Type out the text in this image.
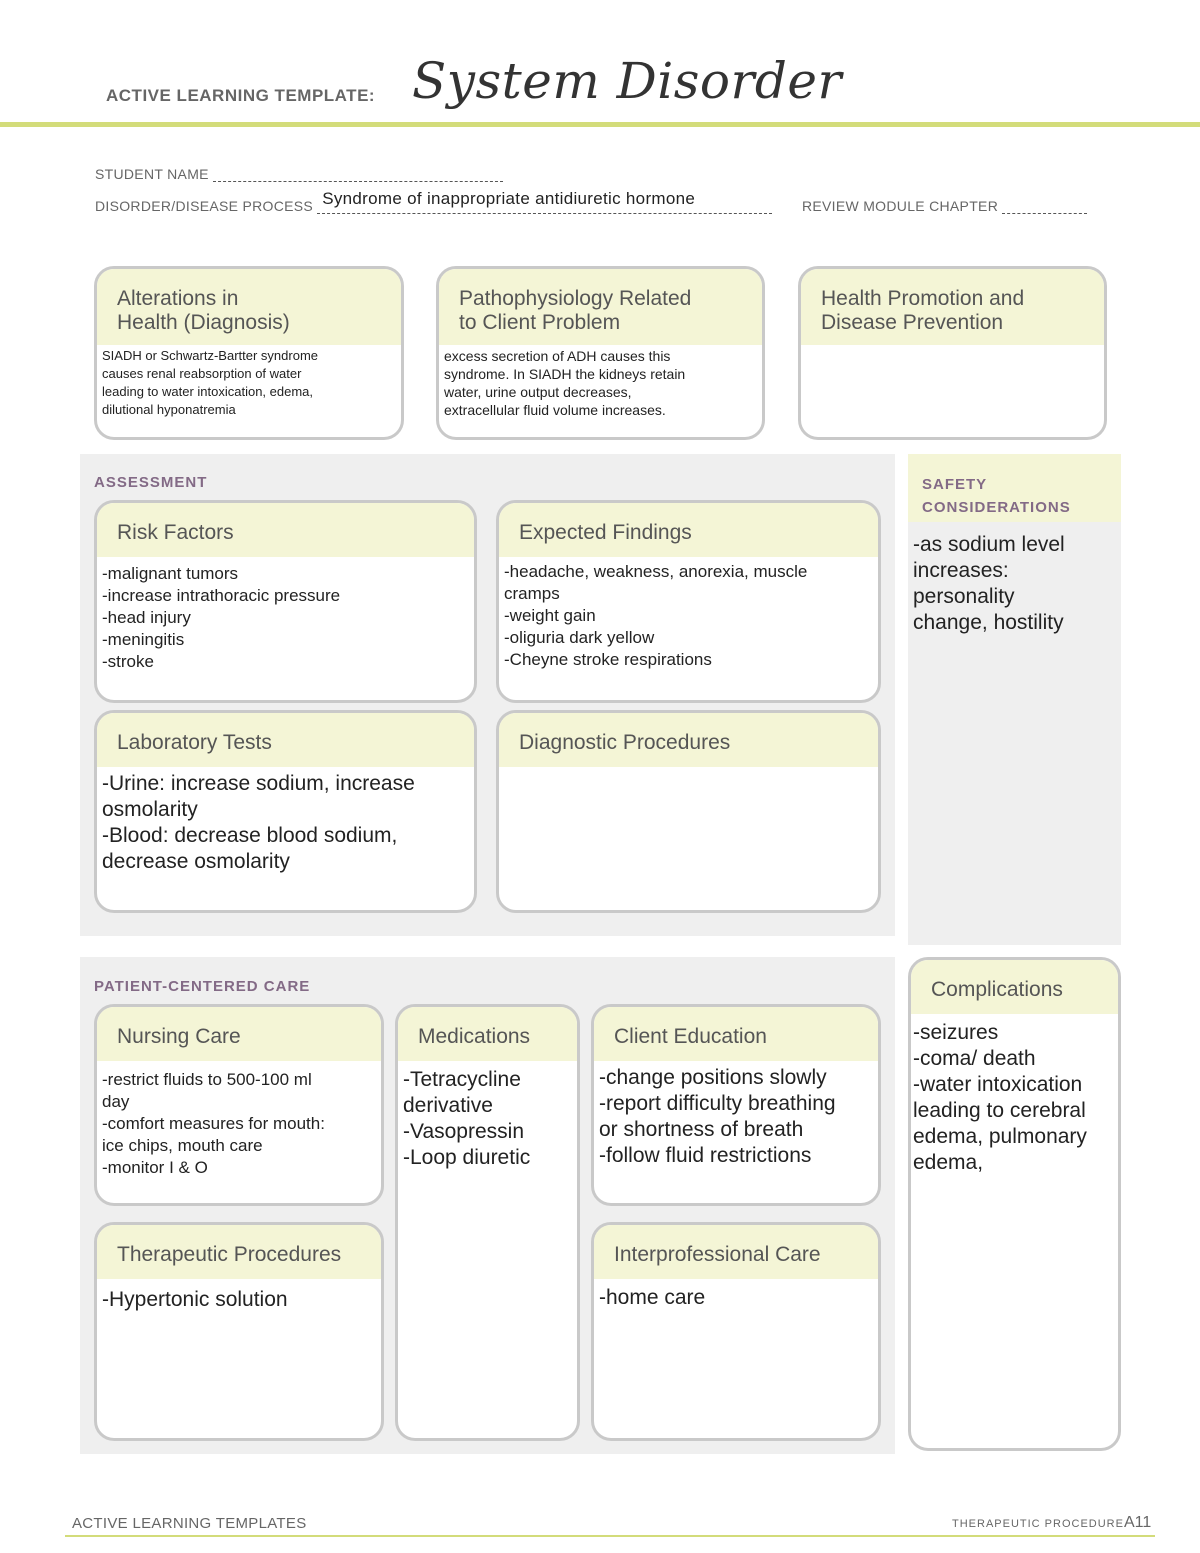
ACTIVE LEARNING TEMPLATE: System Disorder
STUDENT NAME
DISORDER/DISEASE PROCESS Syndrome of inappropriate antidiuretic hormone	REVIEW MODULE CHAPTER
Alterations in
Health (Diagnosis)
SIADH or Schwartz-Bartter syndrome
causes renal reabsorption of water
leading to water intoxication, edema,
dilutional hyponatremia
Pathophysiology Related
to Client Problem
excess secretion of ADH causes this
syndrome. In SIADH the kidneys retain
water, urine output decreases,
extracellular fluid volume increases.
Health Promotion and
Disease Prevention
ASSESSMENT
Risk Factors
-malignant tumors
-increase intrathoracic pressure
-head injury
-meningitis
-stroke
Expected Findings
-headache, weakness, anorexia, muscle
cramps
-weight gain
-oliguria dark yellow
-Cheyne stroke respirations
Laboratory Tests
-Urine: increase sodium, increase
osmolarity
-Blood: decrease blood sodium,
decrease osmolarity
Diagnostic Procedures
SAFETY
CONSIDERATIONS
-as sodium level
increases:
personality
change, hostility
PATIENT-CENTERED CARE
Nursing Care
-restrict fluids to 500-100 ml
day
-comfort measures for mouth:
ice chips, mouth care
-monitor I & O
Medications
-Tetracycline
derivative
-Vasopressin
-Loop diuretic
Client Education
-change positions slowly
-report difficulty breathing
or shortness of breath
-follow fluid restrictions
Therapeutic Procedures
-Hypertonic solution
Interprofessional Care
-home care
Complications
-seizures
-coma/ death
-water intoxication
leading to cerebral
edema, pulmonary
edema,
ACTIVE LEARNING TEMPLATES	THERAPEUTIC PROCEDURE A11
